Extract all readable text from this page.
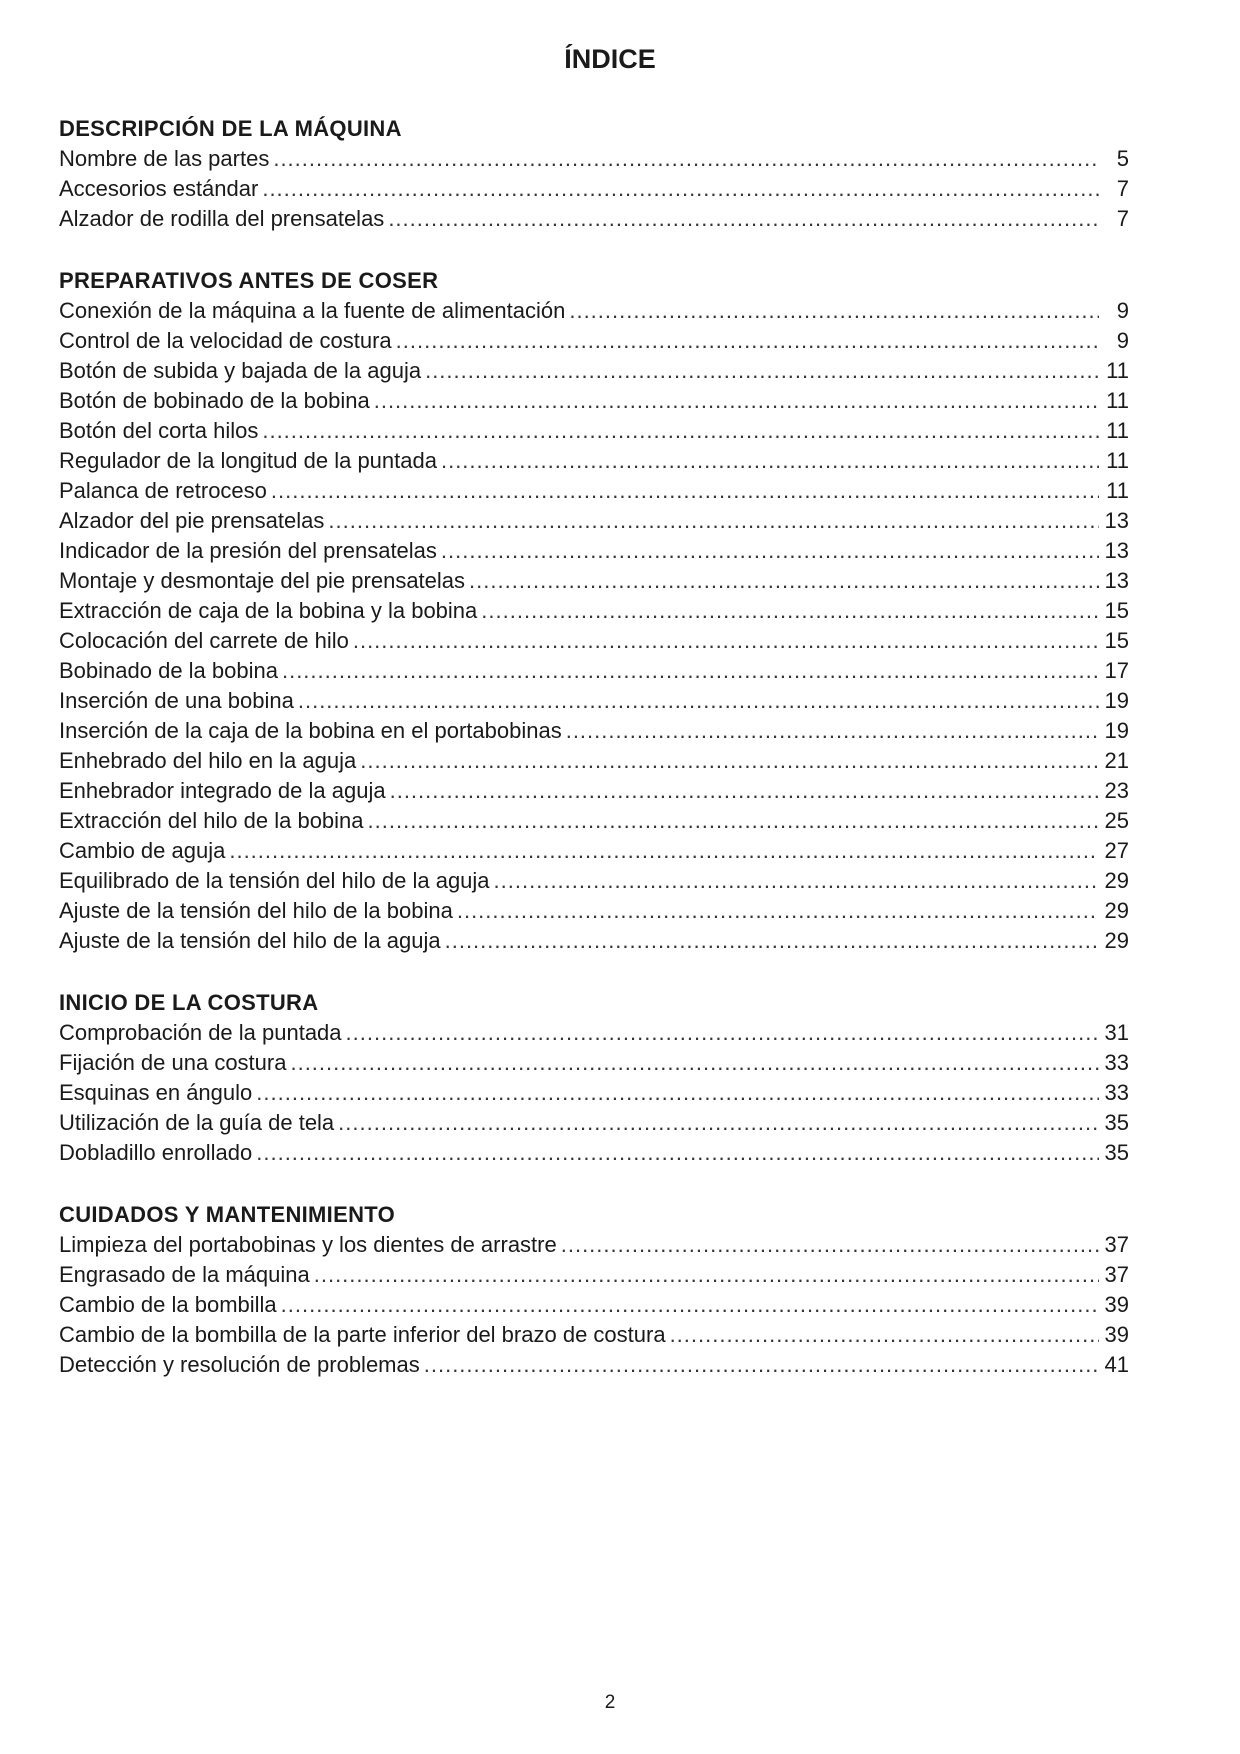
ÍNDICE
DESCRIPCIÓN DE LA MÁQUINA
Nombre de las partes .....	5
Accesorios estándar .....	7
Alzador de rodilla del prensatelas .....	7
PREPARATIVOS ANTES DE COSER
Conexión de la máquina a la fuente de alimentación .....	9
Control de la velocidad de costura .....	9
Botón de subida y bajada de la aguja .....	11
Botón de bobinado de la bobina .....	11
Botón del corta hilos .....	11
Regulador de la longitud de la puntada .....	11
Palanca de retroceso .....	11
Alzador del pie prensatelas .....	13
Indicador de la presión del prensatelas .....	13
Montaje y desmontaje del pie prensatelas .....	13
Extracción de caja de la bobina y la bobina .....	15
Colocación del carrete de hilo .....	15
Bobinado de la bobina .....	17
Inserción de una bobina .....	19
Inserción de la caja de la bobina en el portabobinas .....	19
Enhebrado del hilo en la aguja .....	21
Enhebrador integrado de la aguja .....	23
Extracción del hilo de la bobina .....	25
Cambio de aguja .....	27
Equilibrado de la tensión del hilo de la aguja .....	29
Ajuste de la tensión del hilo de la bobina .....	29
Ajuste de la tensión del hilo de la aguja .....	29
INICIO DE LA COSTURA
Comprobación de la puntada .....	31
Fijación de una costura .....	33
Esquinas en ángulo .....	33
Utilización de la guía de tela .....	35
Dobladillo enrollado .....	35
CUIDADOS Y MANTENIMIENTO
Limpieza del portabobinas y los dientes de arrastre .....	37
Engrasado de la máquina .....	37
Cambio de la bombilla .....	39
Cambio de la bombilla de la parte inferior del brazo de costura .....	39
Detección y resolución de problemas .....	41
2
